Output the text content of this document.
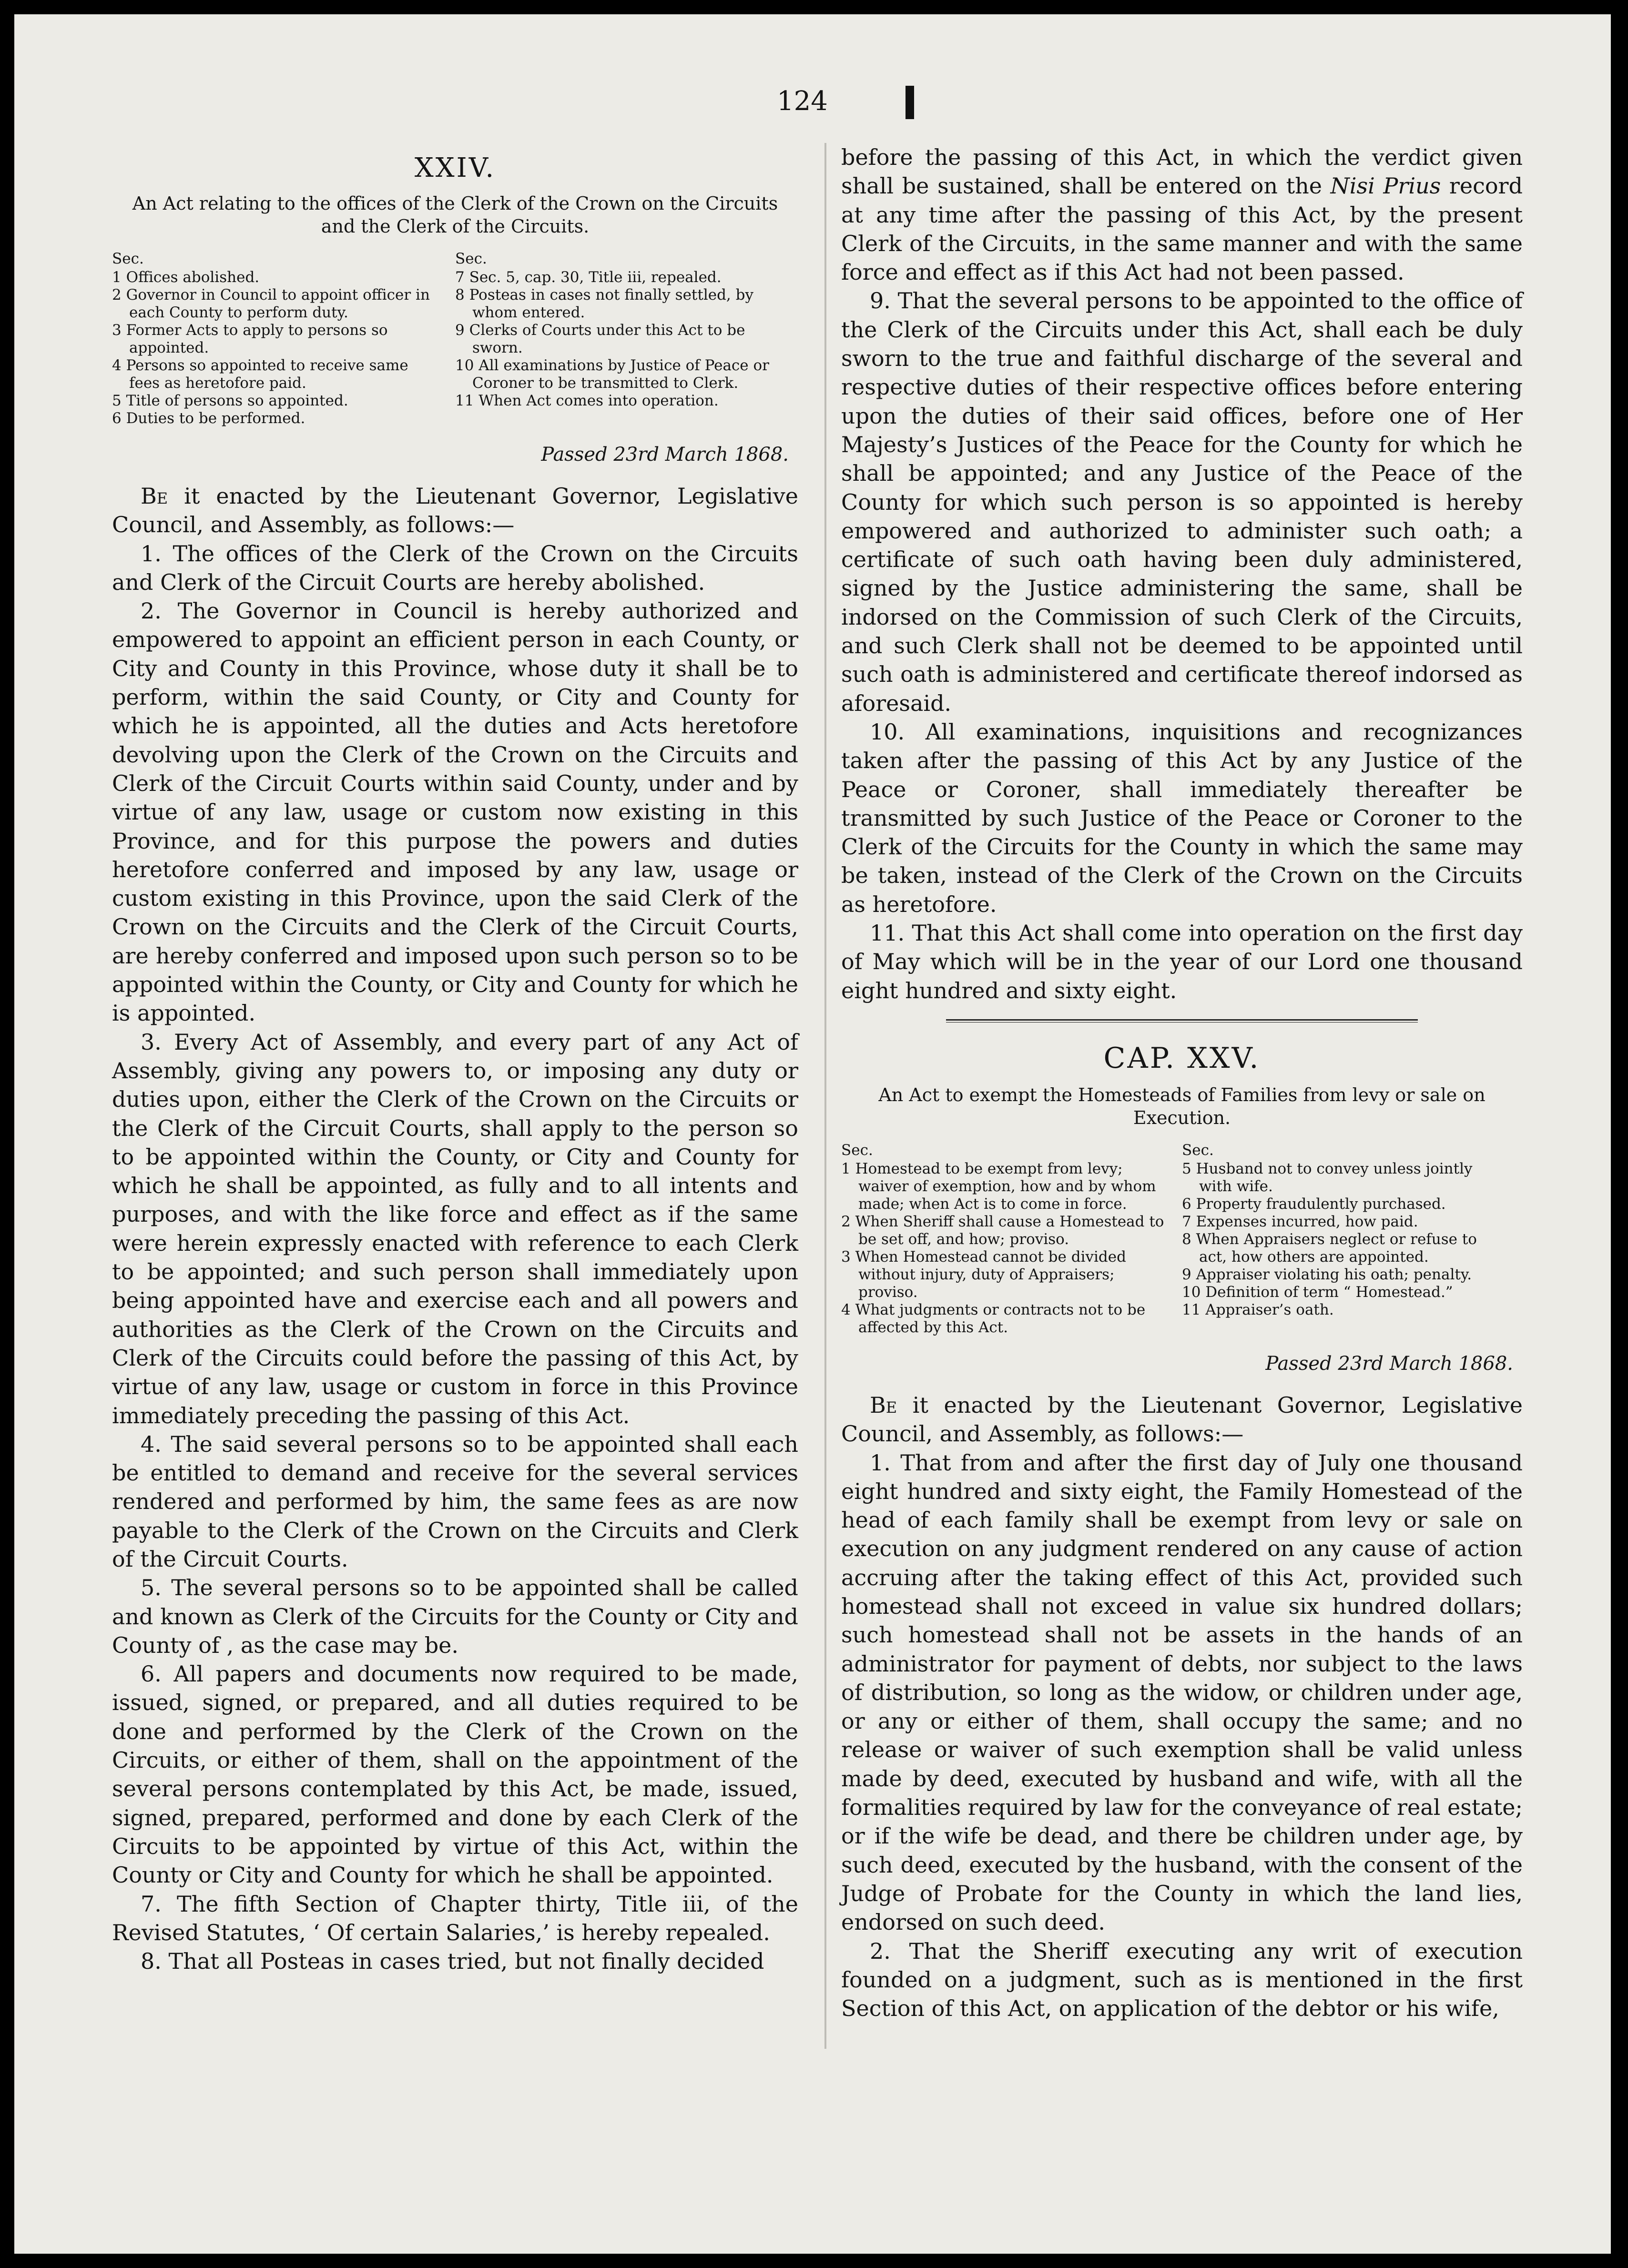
124
XXIV.
An Act relating to the offices of the Clerk of the Crown on the Circuits and the Clerk of the Circuits.
Sec.
1 Offices abolished.
2 Governor in Council to appoint officer in each County to perform duty.
3 Former Acts to apply to persons so appointed.
4 Persons so appointed to receive same fees as heretofore paid.
5 Title of persons so appointed.
6 Duties to be performed.
Sec.
7 Sec. 5, cap. 30, Title iii, repealed.
8 Posteas in cases not finally settled, by whom entered.
9 Clerks of Courts under this Act to be sworn.
10 All examinations by Justice of Peace or Coroner to be transmitted to Clerk.
11 When Act comes into operation.
Passed 23rd March 1868.

Be it enacted by the Lieutenant Governor, Legislative Council, and Assembly, as follows:—

1. The offices of the Clerk of the Crown on the Circuits and Clerk of the Circuit Courts are hereby abolished.

2. The Governor in Council is hereby authorized and empowered to appoint an efficient person in each County, or City and County in this Province, whose duty it shall be to perform, within the said County, or City and County for which he is appointed, all the duties and Acts heretofore devolving upon the Clerk of the Crown on the Circuits and Clerk of the Circuit Courts within said County, under and by virtue of any law, usage or custom now existing in this Province, and for this purpose the powers and duties heretofore conferred and imposed by any law, usage or custom existing in this Province, upon the said Clerk of the Crown on the Circuits and the Clerk of the Circuit Courts, are hereby conferred and imposed upon such person so to be appointed within the County, or City and County for which he is appointed.

3. Every Act of Assembly, and every part of any Act of Assembly, giving any powers to, or imposing any duty or duties upon, either the Clerk of the Crown on the Circuits or the Clerk of the Circuit Courts, shall apply to the person so to be appointed within the County, or City and County for which he shall be appointed, as fully and to all intents and purposes, and with the like force and effect as if the same were herein expressly enacted with reference to each Clerk to be appointed; and such person shall immediately upon being appointed have and exercise each and all powers and authorities as the Clerk of the Crown on the Circuits and Clerk of the Circuits could before the passing of this Act, by virtue of any law, usage or custom in force in this Province immediately preceding the passing of this Act.

4. The said several persons so to be appointed shall each be entitled to demand and receive for the several services rendered and performed by him, the same fees as are now payable to the Clerk of the Crown on the Circuits and Clerk of the Circuit Courts.

5. The several persons so to be appointed shall be called and known as Clerk of the Circuits for the County or City and County of , as the case may be.

6. All papers and documents now required to be made, issued, signed, or prepared, and all duties required to be done and performed by the Clerk of the Crown on the Circuits, or either of them, shall on the appointment of the several persons contemplated by this Act, be made, issued, signed, prepared, performed and done by each Clerk of the Circuits to be appointed by virtue of this Act, within the County or City and County for which he shall be appointed.

7. The fifth Section of Chapter thirty, Title iii, of the Revised Statutes, ‘ Of certain Salaries,’ is hereby repealed.

8. That all Posteas in cases tried, but not finally decided

before the passing of this Act, in which the verdict given shall be sustained, shall be entered on the Nisi Prius record at any time after the passing of this Act, by the present Clerk of the Circuits, in the same manner and with the same force and effect as if this Act had not been passed.

9. That the several persons to be appointed to the office of the Clerk of the Circuits under this Act, shall each be duly sworn to the true and faithful discharge of the several and respective duties of their respective offices before entering upon the duties of their said offices, before one of Her Majesty’s Justices of the Peace for the County for which he shall be appointed; and any Justice of the Peace of the County for which such person is so appointed is hereby empowered and authorized to administer such oath; a certificate of such oath having been duly administered, signed by the Justice administering the same, shall be indorsed on the Commission of such Clerk of the Circuits, and such Clerk shall not be deemed to be appointed until such oath is administered and certificate thereof indorsed as aforesaid.

10. All examinations, inquisitions and recognizances taken after the passing of this Act by any Justice of the Peace or Coroner, shall immediately thereafter be transmitted by such Justice of the Peace or Coroner to the Clerk of the Circuits for the County in which the same may be taken, instead of the Clerk of the Crown on the Circuits as heretofore.

11. That this Act shall come into operation on the first day of May which will be in the year of our Lord one thousand eight hundred and sixty eight.

CAP. XXV.
An Act to exempt the Homesteads of Families from levy or sale on Execution.
Sec.
1 Homestead to be exempt from levy; waiver of exemption, how and by whom made; when Act is to come in force.
2 When Sheriff shall cause a Homestead to be set off, and how; proviso.
3 When Homestead cannot be divided without injury, duty of Appraisers; proviso.
4 What judgments or contracts not to be affected by this Act.
Sec.
5 Husband not to convey unless jointly with wife.
6 Property fraudulently purchased.
7 Expenses incurred, how paid.
8 When Appraisers neglect or refuse to act, how others are appointed.
9 Appraiser violating his oath; penalty.
10 Definition of term “ Homestead.”
11 Appraiser’s oath.
Passed 23rd March 1868.

Be it enacted by the Lieutenant Governor, Legislative Council, and Assembly, as follows:—

1. That from and after the first day of July one thousand eight hundred and sixty eight, the Family Homestead of the head of each family shall be exempt from levy or sale on execution on any judgment rendered on any cause of action accruing after the taking effect of this Act, provided such homestead shall not exceed in value six hundred dollars; such homestead shall not be assets in the hands of an administrator for payment of debts, nor subject to the laws of distribution, so long as the widow, or children under age, or any or either of them, shall occupy the same; and no release or waiver of such exemption shall be valid unless made by deed, executed by husband and wife, with all the formalities required by law for the conveyance of real estate; or if the wife be dead, and there be children under age, by such deed, executed by the husband, with the consent of the Judge of Probate for the County in which the land lies, endorsed on such deed.

2. That the Sheriff executing any writ of execution founded on a judgment, such as is mentioned in the first Section of this Act, on application of the debtor or his wife,
